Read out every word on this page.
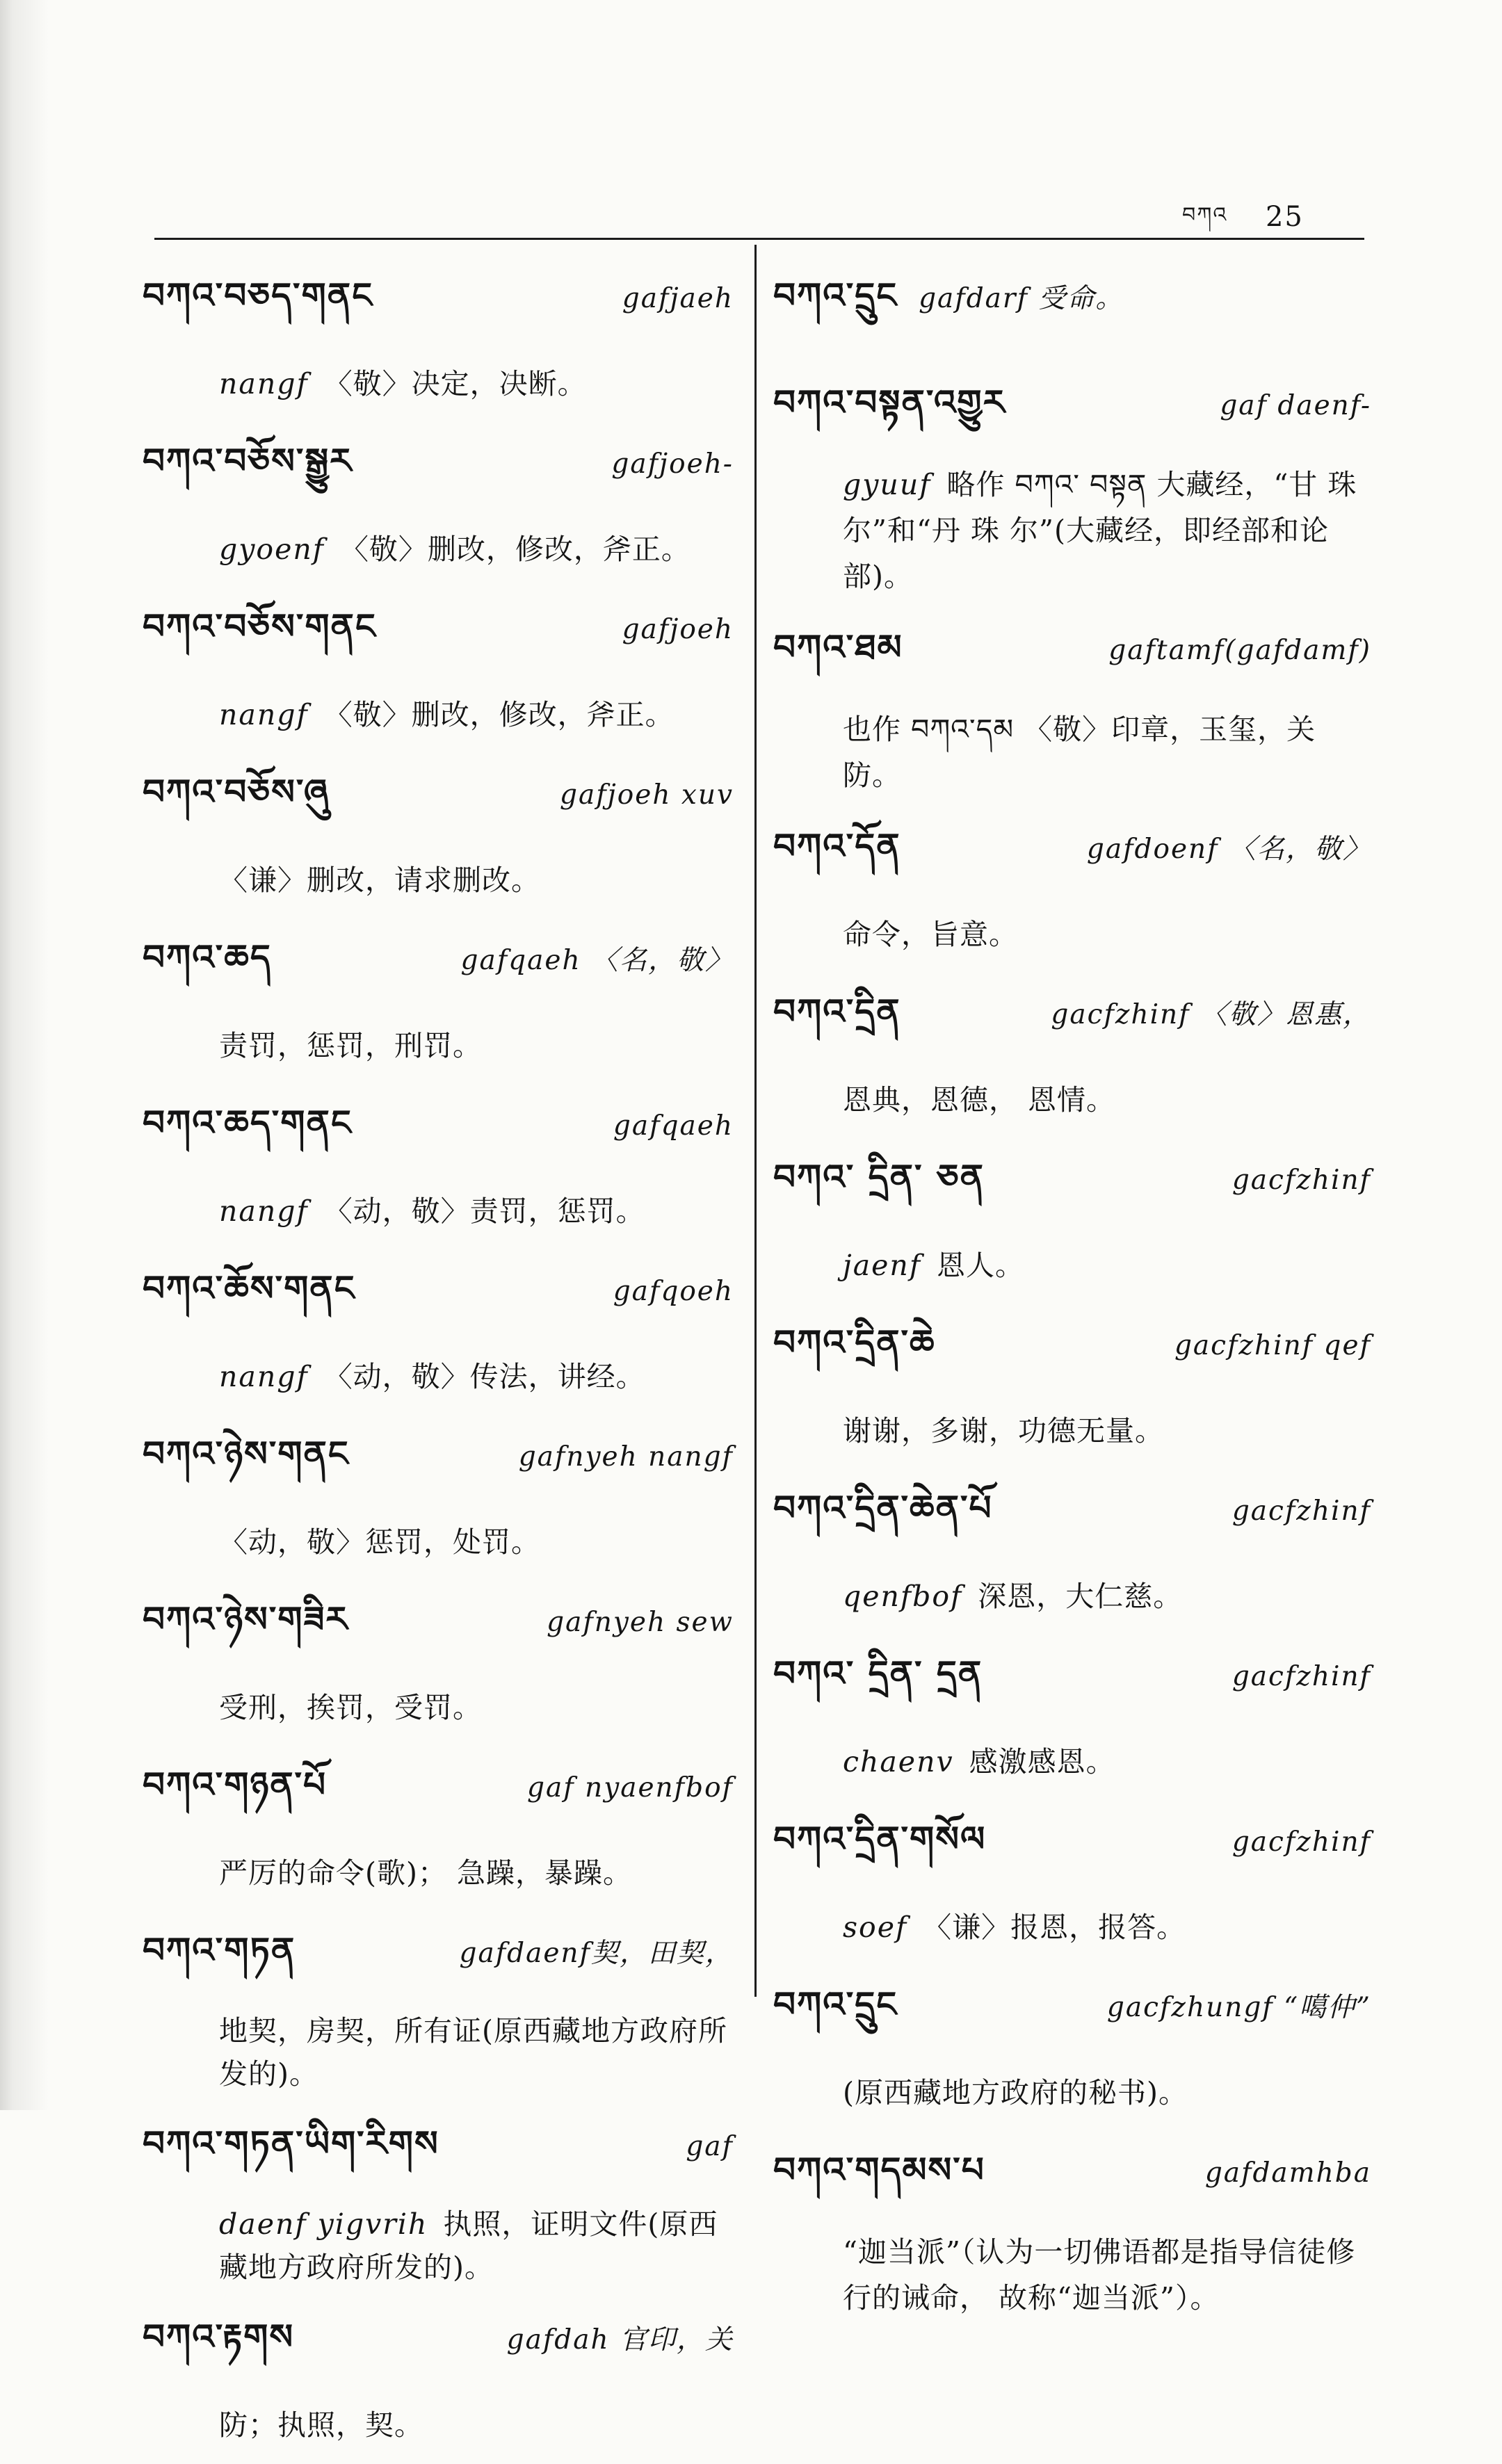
བཀའ 25
བཀའ་བཅད་གནང	gafjaeh
nangf 〈敬〉决定，决断。
བཀའ་བཅོས་སྒྱུར	gafjoeh-
gyoenf 〈敬〉删改，修改，斧正。
བཀའ་བཅོས་གནང	gafjoeh
nangf 〈敬〉删改，修改，斧正。
བཀའ་བཅོས་ཞུ	gafjoeh xuv
〈谦〉删改，请求删改。
བཀའ་ཆད	gafqaeh 〈名，敬〉
责罚，惩罚，刑罚。
བཀའ་ཆད་གནང	gafqaeh
nangf 〈动，敬〉责罚，惩罚。
བཀའ་ཆོས་གནང	gafqoeh
nangf 〈动，敬〉传法，讲经。
བཀའ་ཉེས་གནང	gafnyeh nangf
〈动，敬〉惩罚，处罚。
བཀའ་ཉེས་གཟིར	gafnyeh sew
受刑，挨罚，受罚。
བཀའ་གཉན་པོ	gaf nyaenfbof
严厉的命令(歌)； 急躁，暴躁。
བཀའ་གཏན	gafdaenf契，田契，
地契，房契，所有证(原西藏地方政府所发的)。
བཀའ་གཏན་ཡིག་རིགས	gaf
daenf yigvrih 执照，证明文件(原西藏地方政府所发的)。
བཀའ་རྟགས	gafdah 官印，关
防；执照，契。
བཀའ་དྲུང gafdarf 受命。
བཀའ་བསྟན་འགྱུར	gaf daenf-
gyuuf 略作 བཀའ་ བསྟན 大藏经，“甘 珠 尔”和“丹 珠 尔”(大藏经，即经部和论部)。
བཀའ་ཐམ	gaftamf(gafdamf)
也作 བཀའ་དམ 〈敬〉印章，玉玺，关防。
བཀའ་དོན	gafdoenf 〈名，敬〉
命令，旨意。
བཀའ་དྲིན	gacfzhinf 〈敬〉恩惠，
恩典，恩德， 恩情。
བཀའ་ དྲིན་ ཅན	gacfzhinf
jaenf 恩人。
བཀའ་དྲིན་ཆེ	gacfzhinf qef
谢谢，多谢，功德无量。
བཀའ་དྲིན་ཆེན་པོ	gacfzhinf
qenfbof 深恩，大仁慈。
བཀའ་ དྲིན་ དྲན	gacfzhinf
chaenv 感激感恩。
བཀའ་དྲིན་གསོལ	gacfzhinf
soef 〈谦〉报恩，报答。
བཀའ་དྲུང	gacfzhungf “噶仲”
(原西藏地方政府的秘书)。
བཀའ་གདམས་པ	gafdamhba
“迦当派”（认为一切佛语都是指导信徒修行的诫命， 故称“迦当派”）。
